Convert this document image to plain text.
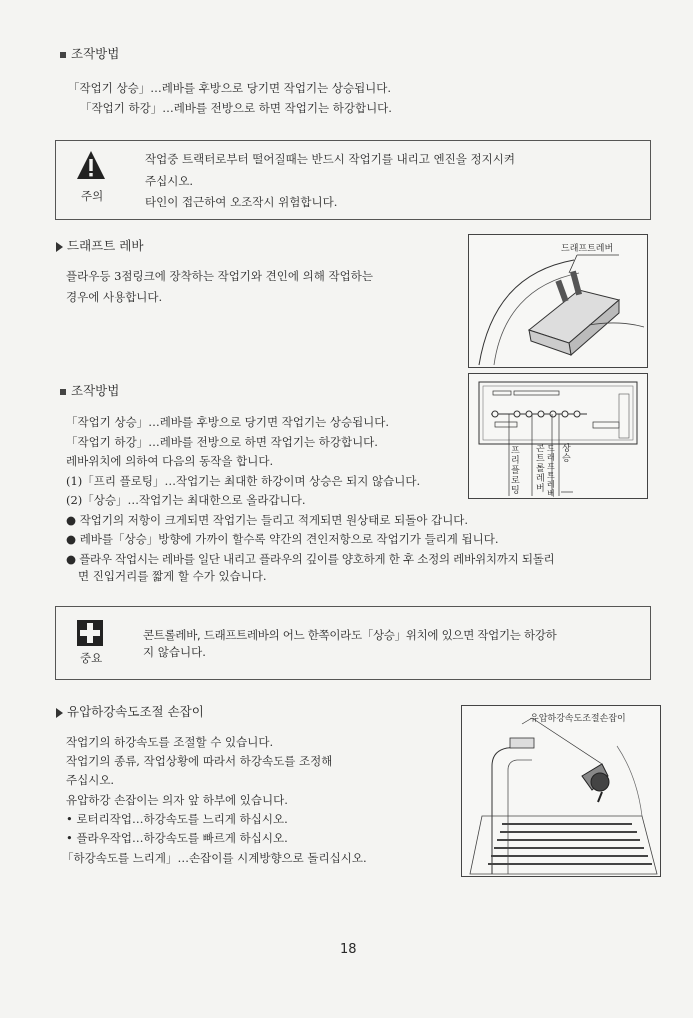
조작방법
「작업기 상승」…레바를 후방으로 당기면 작업기는 상승됩니다.
「작업기 하강」…레바를 전방으로 하면 작업기는 하강합니다.
주의
작업중 트랙터로부터 떨어질때는 반드시 작업기를 내리고 엔진을 정지시켜
주십시오.
타인이 접근하여 오조작시 위험합니다.
드래프트 레바
플라우등 3점링크에 장착하는 작업기와 견인에 의해 작업하는
경우에 사용합니다.
드래프트레버
조작방법
「작업기 상승」…레바를 후방으로 당기면 작업기는 상승됩니다.
「작업기 하강」…레바를 전방으로 하면 작업기는 하강합니다.
레바위치에 의하여 다음의 동작을 합니다.
(1)「프리 플로팅」…작업기는 최대한 하강이며 상승은 되지 않습니다.
(2)「상승」…작업기는 최대한으로 올라갑니다.
● 작업기의 저항이 크게되면 작업기는 들리고 적게되면 원상태로 되돌아 갑니다.
● 레바를「상승」방향에 가까이 할수록 약간의 견인저항으로 작업기가 들리게 됩니다.
● 플라우 작업시는 레바를 일단 내리고 플라우의 깊이를 양호하게 한 후 소정의 레바위치까지 되돌리
면 진입거리를 짧게 할 수가 있습니다.
프리플로팅
콘트롤레버
드래프트레버
상승
중요
콘트롤레바, 드래프트레바의 어느 한쪽이라도「상승」위치에 있으면 작업기는 하강하
지 않습니다.
유압하강속도조절 손잡이
작업기의 하강속도를 조절할 수 있습니다.
작업기의 종류, 작업상황에 따라서 하강속도를 조정해
주십시오.
유압하강 손잡이는 의자 앞 하부에 있습니다.
• 로터리작업…하강속도를 느리게 하십시오.
• 플라우작업…하강속도를 빠르게 하십시오.
「하강속도를 느리게」…손잡이를 시계방향으로 돌리십시오.
유압하강속도조절손잡이
18
